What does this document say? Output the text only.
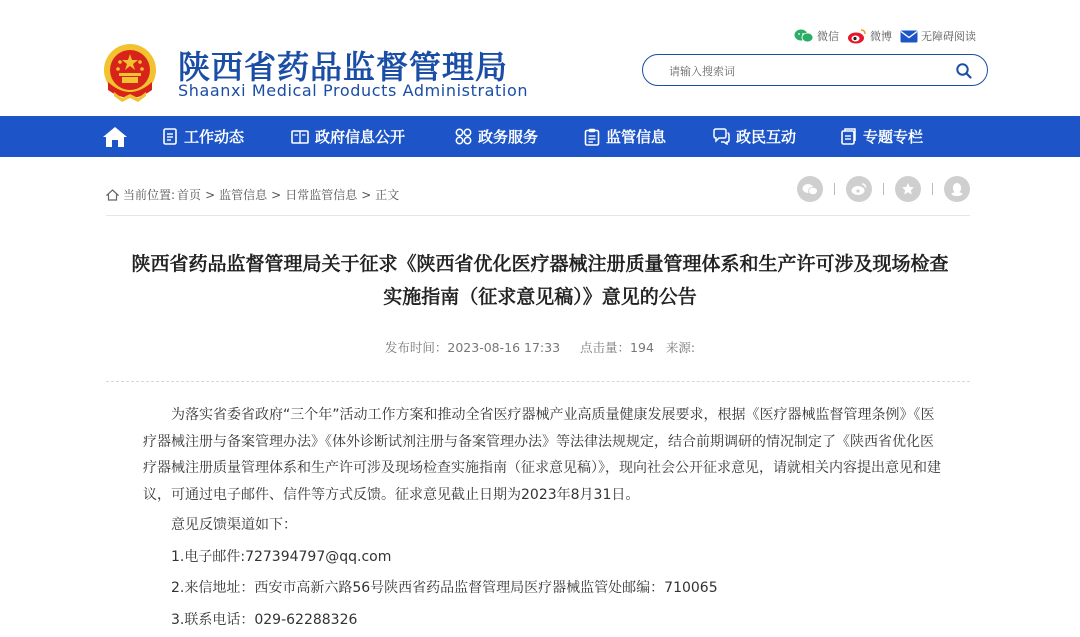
陕西省药品监督管理局
Shaanxi Medical Products Administration
微信	微博	无障碍阅读
请输入搜索词
工作动态	政府信息公开	政务服务	监管信息	政民互动	专题专栏
当前位置: 首页 > 监管信息 > 日常监管信息 > 正文
陕西省药品监督管理局关于征求《陕西省优化医疗器械注册质量管理体系和生产许可涉及现场检查实施指南（征求意见稿）》意见的公告
发布时间：2023-08-16 17:33 点击量：194 来源:

为落实省委省政府“三个年”活动工作方案和推动全省医疗器械产业高质量健康发展要求，根据《医疗器械监督管理条例》《医疗器械注册与备案管理办法》《体外诊断试剂注册与备案管理办法》等法律法规规定，结合前期调研的情况制定了《陕西省优化医疗器械注册质量管理体系和生产许可涉及现场检查实施指南（征求意见稿）》，现向社会公开征求意见，请就相关内容提出意见和建议，可通过电子邮件、信件等方式反馈。征求意见截止日期为2023年8月31日。

意见反馈渠道如下：

1.电子邮件:727394797@qq.com

2.来信地址：西安市高新六路56号陕西省药品监督管理局医疗器械监管处邮编：710065

3.联系电话：029-62288326
